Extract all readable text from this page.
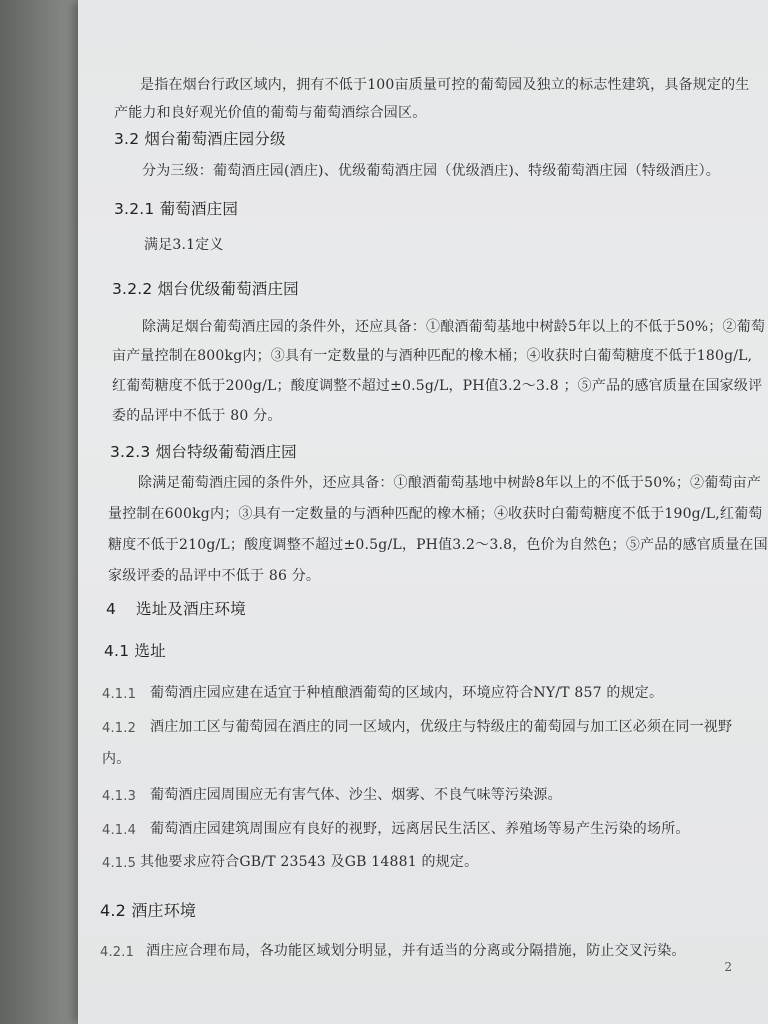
是指在烟台行政区域内，拥有不低于100亩质量可控的葡萄园及独立的标志性建筑，具备规定的生
产能力和良好观光价值的葡萄与葡萄酒综合园区。
3.2 烟台葡萄酒庄园分级
分为三级：葡萄酒庄园(酒庄)、优级葡萄酒庄园（优级酒庄)、特级葡萄酒庄园（特级酒庄）。
3.2.1 葡萄酒庄园
满足3.1定义
3.2.2 烟台优级葡萄酒庄园
除满足烟台葡萄酒庄园的条件外，还应具备：①酿酒葡萄基地中树龄5年以上的不低于50%；②葡萄
亩产量控制在800kg内；③具有一定数量的与酒种匹配的橡木桶；④收获时白葡萄糖度不低于180g/L,
红葡萄糖度不低于200g/L；酸度调整不超过±0.5g/L，PH值3.2～3.8 ；⑤产品的感官质量在国家级评
委的品评中不低于 80 分。
3.2.3 烟台特级葡萄酒庄园
除满足葡萄酒庄园的条件外，还应具备：①酿酒葡萄基地中树龄8年以上的不低于50%；②葡萄亩产
量控制在600kg内；③具有一定数量的与酒种匹配的橡木桶；④收获时白葡萄糖度不低于190g/L,红葡萄
糖度不低于210g/L；酸度调整不超过±0.5g/L，PH值3.2～3.8，色价为自然色；⑤产品的感官质量在国
家级评委的品评中不低于 86 分。
4 选址及酒庄环境
4.1 选址
4.1.1 葡萄酒庄园应建在适宜于种植酿酒葡萄的区域内，环境应符合NY/T 857 的规定。
4.1.2 酒庄加工区与葡萄园在酒庄的同一区域内，优级庄与特级庄的葡萄园与加工区必须在同一视野
内。
4.1.3 葡萄酒庄园周围应无有害气体、沙尘、烟雾、不良气味等污染源。
4.1.4 葡萄酒庄园建筑周围应有良好的视野，远离居民生活区、养殖场等易产生污染的场所。
4.1.5 其他要求应符合GB/T 23543 及GB 14881 的规定。
4.2 酒庄环境
4.2.1 酒庄应合理布局，各功能区域划分明显，并有适当的分离或分隔措施，防止交叉污染。
2
